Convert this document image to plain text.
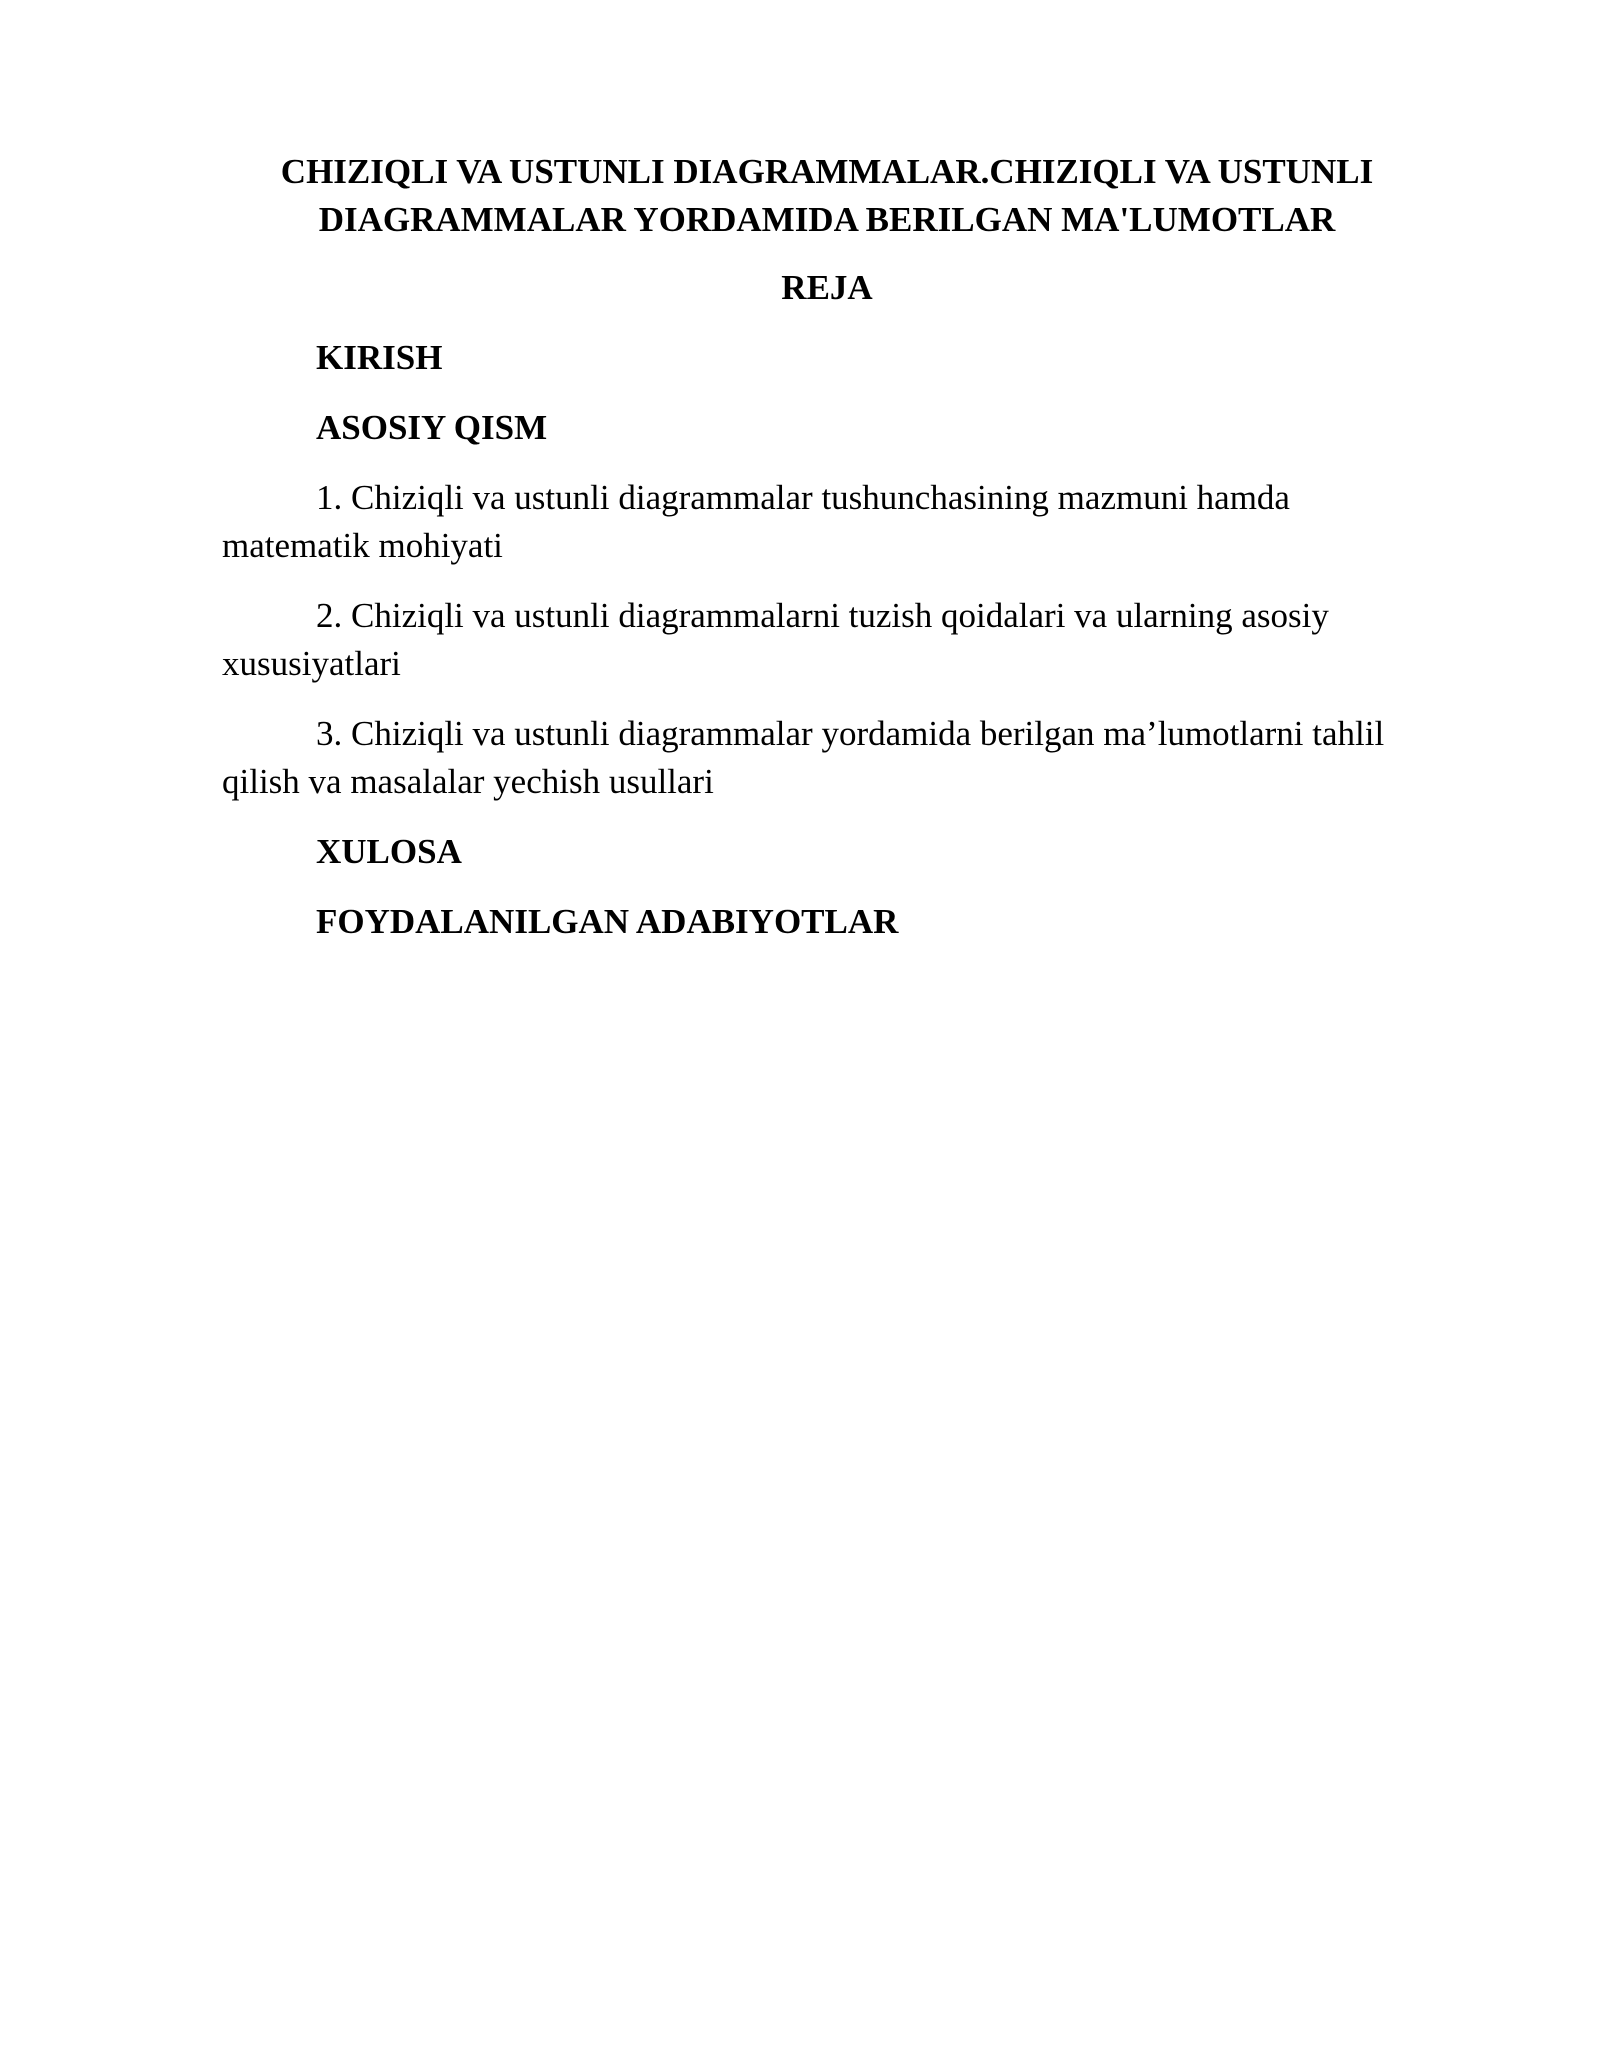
CHIZIQLI VA USTUNLI DIAGRAMMALAR.CHIZIQLI VA USTUNLI
DIAGRAMMALAR YORDAMIDA BERILGAN MA'LUMOTLAR
REJA
KIRISH
ASOSIY QISM
1. Chiziqli va ustunli diagrammalar tushunchasining mazmuni hamda matematik mohiyati
2. Chiziqli va ustunli diagrammalarni tuzish qoidalari va ularning asosiy xususiyatlari
3. Chiziqli va ustunli diagrammalar yordamida berilgan ma’lumotlarni tahlil qilish va masalalar yechish usullari
XULOSA
FOYDALANILGAN ADABIYOTLAR
